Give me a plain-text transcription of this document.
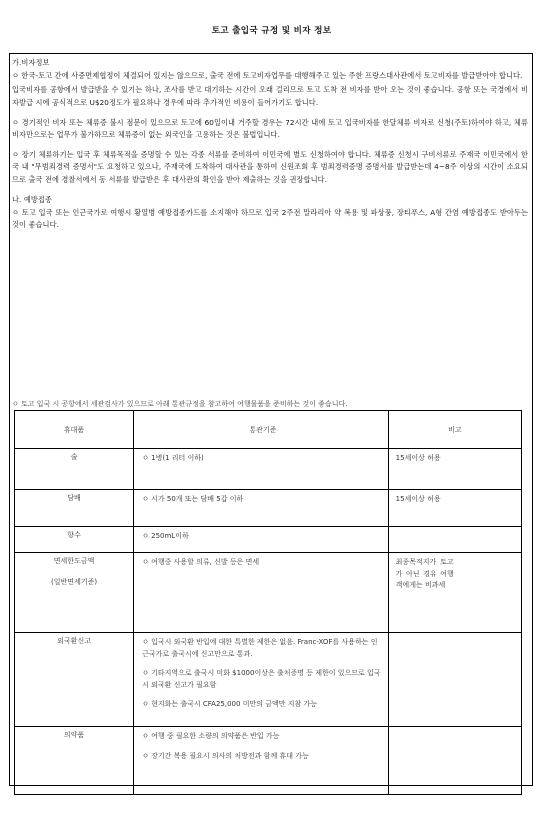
토고 출입국 규정 및 비자 정보

가.비자정보

ㅇ 한국-토고 간에 사증면제협정이 체결되어 있지는 않으므로, 출국 전에 토고비자업무를 대행해주고 있는 주한 프랑스대사관에서 토고비자를 발급받아야 합니다.

입국비자를 공항에서 발급받을 수 있기는 하나, 조사를 받고 대기하는 시간이 오래 걸리므로 토고 도착 전 비자를 받아 오는 것이 좋습니다. 공항 또는 국경에서 비자발급 시에 공식적으로 U$20정도가 필요하나 경우에 따라 추가적인 비용이 들어가기도 합니다.

ㅇ 경기적인 비자 또는 체류증 불시 점문이 있으므로 토고에 60일이내 거주할 경우는 72시간 내에 토고 입국비자를 한달체류 비자로 신청(주토)하여야 하고, 체류비자만으로는 업무가 불가하므로 체류증이 없는 외국인을 고용하는 것은 불법입니다.

ㅇ 장기 체류하기는 입국 후 체류목적을 증명할 수 있는 각종 서류를 준비하여 이민국에 별도 신청하여야 합니다. 체류증 신청시 구비서류로 주재국 이민국에서 한국 내 "무범죄경력 증명서"도 요청하고 있으나, 주재국에 도착하여 대사관을 통하여 신원조회 후 범죄경력증명 증명서를 발급받는데 4~8주 이상의 시간이 소요되므로 출국 전에 경찰서에서 동 서류를 발급받은 후 대사관의 확인을 받아 제출하는 것을 권장합니다.

나. 예방접종

ㅇ 토고 입국 또는 인근국가로 여행시 황열병 예방접종카드를 소지해야 하므로 입국 2주전 말라리아 약 복용 및 파상풍, 장티푸스, A형 간염 예방접종도 받아두는 것이 좋습니다.

ㅇ 토고 입국 시 공항에서 세관검사가 있으므로 아래 통관규정을 참고하여 여행물품을 준비하는 것이 좋습니다.
휴대품	통관기준	비고
술	ㅇ 1병(1 리터 이하)	15세이상 허용

담배	ㅇ 시가 50개 또는 담배 5갑 이하	15세이상 허용

향수	ㅇ 250mL이하	

면세한도금액
(일반면세기준)	ㅇ 여행중 사용할 의류, 신발 등은 면세	최종목적지가 토고가 아닌 경유 여행객에게는 비과세

외국환신고	ㅇ 입국시 외국환 반입에 대한 특별한 제한은 없음. Franc-XOF를 사용하는 인근국가로 출국시에 신고만으로 통과.

ㅇ 기타지역으로 출국시 미화 $1000이상은 출처증명 등 제한이 있으므로 입국시 외국환 신고가 필요함

ㅇ 현지화는 출국시 CFA25,000 미만의 금액만 지참 가능	

의약품	ㅇ 여행 중 필요한 소량의 의약품은 반입 가능

ㅇ 장기간 복용 필요시 의사의 처방전과 함께 휴대 가능	
